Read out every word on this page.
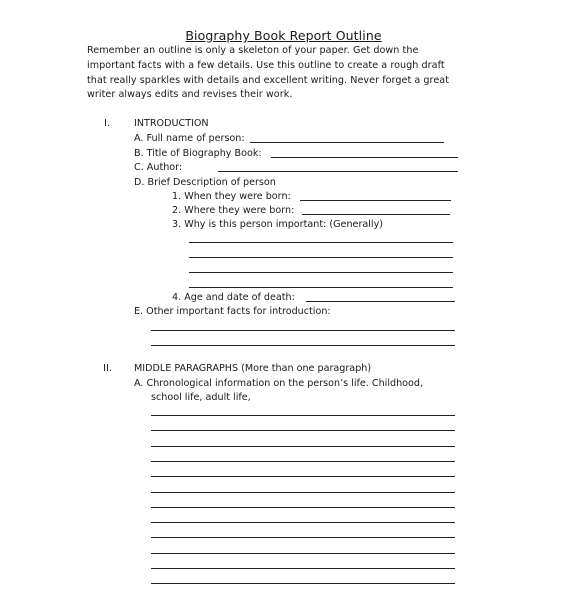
Biography Book Report Outline
Remember an outline is only a skeleton of your paper. Get down the
important facts with a few details. Use this outline to create a rough draft
that really sparkles with details and excellent writing. Never forget a great
writer always edits and revises their work.
I. INTRODUCTION
A. Full name of person:
B. Title of Biography Book:
C. Author:
D. Brief Description of person
1. When they were born:
2. Where they were born:
3. Why is this person important: (Generally)
4. Age and date of death:
E. Other important facts for introduction:
II. MIDDLE PARAGRAPHS (More than one paragraph)
A. Chronological information on the person’s life. Childhood,
school life, adult life,
